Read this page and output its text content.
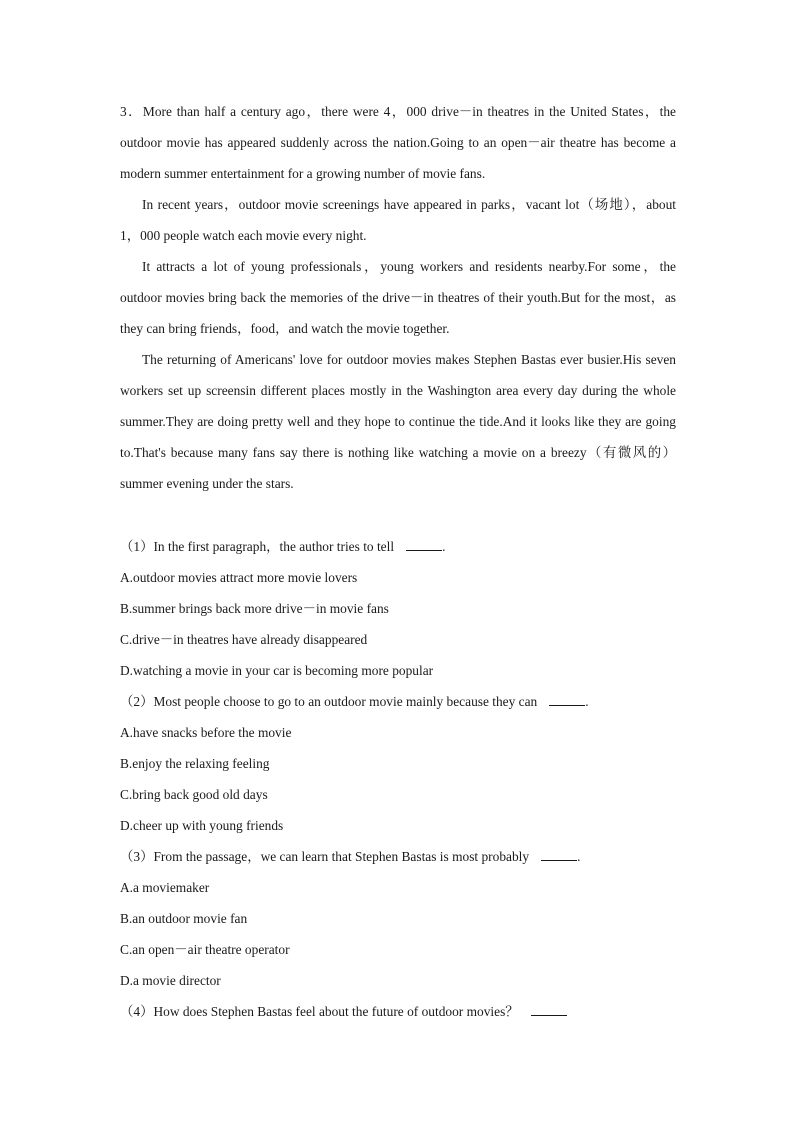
3．More than half a century ago，there were 4，000 drive－in theatres in the United States，the outdoor movie has appeared suddenly across the nation.Going to an open－air theatre has become a modern summer entertainment for a growing number of movie fans.

In recent years，outdoor movie screenings have appeared in parks，vacant lot（场地），about 1，000 people watch each movie every night.

It attracts a lot of young professionals，young workers and residents nearby.For some，the outdoor movies bring back the memories of the drive－in theatres of their youth.But for the most，as they can bring friends，food，and watch the movie together.

The returning of Americans' love for outdoor movies makes Stephen Bastas ever busier.His seven workers set up screensin different places mostly in the Washington area every day during the whole summer.They are doing pretty well and they hope to continue the tide.And it looks like they are going to.That's because many fans say there is nothing like watching a movie on a breezy（有微风的） summer evening under the stars.

（1）In the first paragraph，the author tries to tell	.

A.outdoor movies attract more movie lovers

B.summer brings back more drive－in movie fans

C.drive－in theatres have already disappeared

D.watching a movie in your car is becoming more popular

（2）Most people choose to go to an outdoor movie mainly because they can	.

A.have snacks before the movie

B.enjoy the relaxing feeling

C.bring back good old days

D.cheer up with young friends

（3）From the passage，we can learn that Stephen Bastas is most probably	.

A.a moviemaker

B.an outdoor movie fan

C.an open－air theatre operator

D.a movie director

（4）How does Stephen Bastas feel about the future of outdoor movies？
